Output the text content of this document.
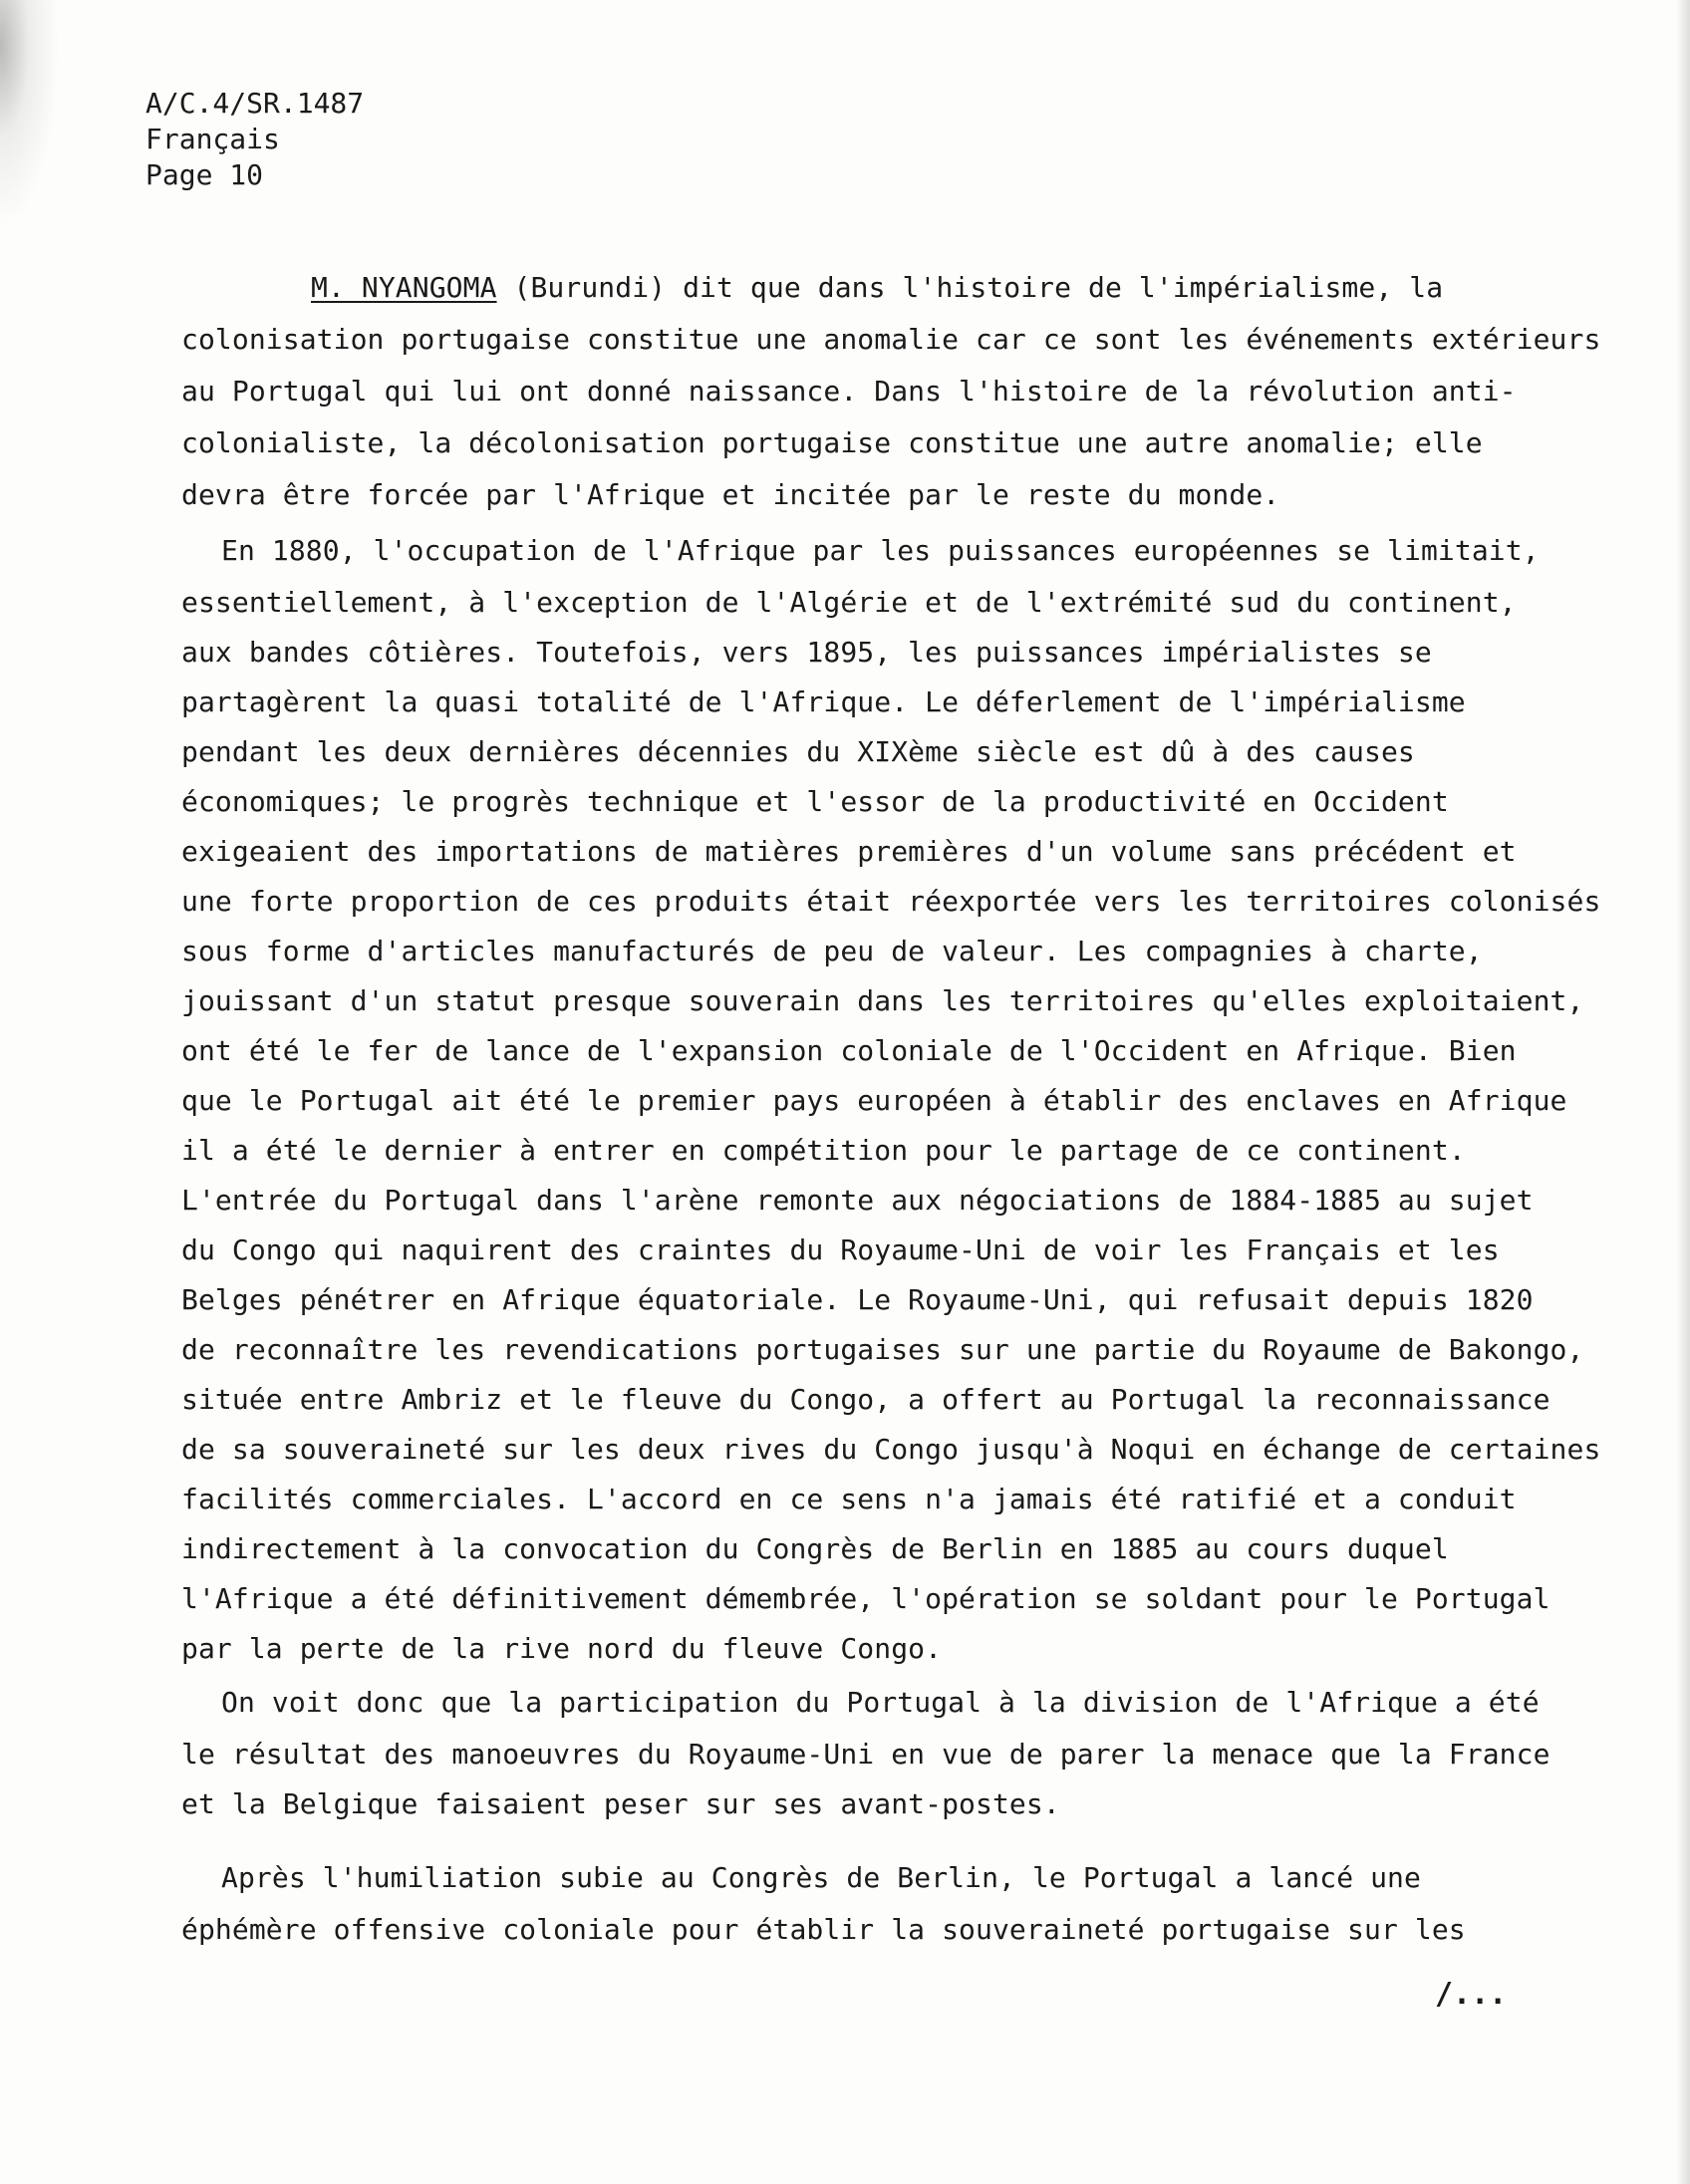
A/C.4/SR.1487
Français
Page 10
M. NYANGOMA (Burundi) dit que dans l'histoire de l'impérialisme, la
colonisation portugaise constitue une anomalie car ce sont les événements extérieurs
au Portugal qui lui ont donné naissance. Dans l'histoire de la révolution anti-
colonialiste, la décolonisation portugaise constitue une autre anomalie; elle
devra être forcée par l'Afrique et incitée par le reste du monde.
En 1880, l'occupation de l'Afrique par les puissances européennes se limitait,
essentiellement, à l'exception de l'Algérie et de l'extrémité sud du continent,
aux bandes côtières. Toutefois, vers 1895, les puissances impérialistes se
partagèrent la quasi totalité de l'Afrique. Le déferlement de l'impérialisme
pendant les deux dernières décennies du XIXème siècle est dû à des causes
économiques; le progrès technique et l'essor de la productivité en Occident
exigeaient des importations de matières premières d'un volume sans précédent et
une forte proportion de ces produits était réexportée vers les territoires colonisés
sous forme d'articles manufacturés de peu de valeur. Les compagnies à charte,
jouissant d'un statut presque souverain dans les territoires qu'elles exploitaient,
ont été le fer de lance de l'expansion coloniale de l'Occident en Afrique. Bien
que le Portugal ait été le premier pays européen à établir des enclaves en Afrique
il a été le dernier à entrer en compétition pour le partage de ce continent.
L'entrée du Portugal dans l'arène remonte aux négociations de 1884-1885 au sujet
du Congo qui naquirent des craintes du Royaume-Uni de voir les Français et les
Belges pénétrer en Afrique équatoriale. Le Royaume-Uni, qui refusait depuis 1820
de reconnaître les revendications portugaises sur une partie du Royaume de Bakongo,
située entre Ambriz et le fleuve du Congo, a offert au Portugal la reconnaissance
de sa souveraineté sur les deux rives du Congo jusqu'à Noqui en échange de certaines
facilités commerciales. L'accord en ce sens n'a jamais été ratifié et a conduit
indirectement à la convocation du Congrès de Berlin en 1885 au cours duquel
l'Afrique a été définitivement démembrée, l'opération se soldant pour le Portugal
par la perte de la rive nord du fleuve Congo.
On voit donc que la participation du Portugal à la division de l'Afrique a été
le résultat des manoeuvres du Royaume-Uni en vue de parer la menace que la France
et la Belgique faisaient peser sur ses avant-postes.
Après l'humiliation subie au Congrès de Berlin, le Portugal a lancé une
éphémère offensive coloniale pour établir la souveraineté portugaise sur les
/...
